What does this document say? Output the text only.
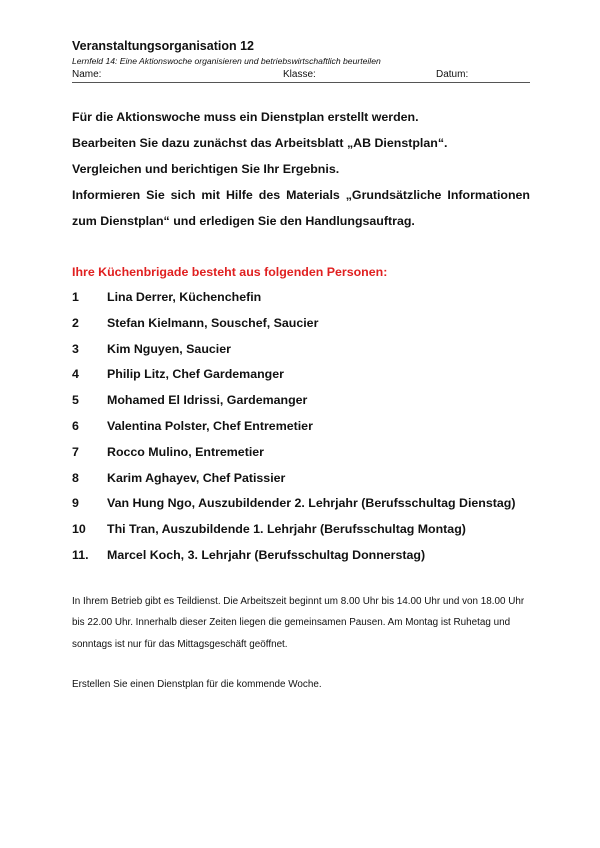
Veranstaltungsorganisation 12
Lernfeld 14: Eine Aktionswoche organisieren und betriebswirtschaftlich beurteilen
Name:	Klasse:	Datum:

Für die Aktionswoche muss ein Dienstplan erstellt werden.

Bearbeiten Sie dazu zunächst das Arbeitsblatt „AB Dienstplan“.

Vergleichen und berichtigen Sie Ihr Ergebnis.

Informieren Sie sich mit Hilfe des Materials „Grundsätzliche Informationen zum Dienstplan“ und erledigen Sie den Handlungsauftrag.

Ihre Küchenbrigade besteht aus folgenden Personen:
1	Lina Derrer, Küchenchefin
2	Stefan Kielmann, Souschef, Saucier
3	Kim Nguyen, Saucier
4	Philip Litz, Chef Gardemanger
5	Mohamed El Idrissi, Gardemanger
6	Valentina Polster, Chef Entremetier
7	Rocco Mulino, Entremetier
8	Karim Aghayev, Chef Patissier
9	Van Hung Ngo, Auszubildender 2. Lehrjahr (Berufsschultag Dienstag)
10	Thi Tran, Auszubildende 1. Lehrjahr (Berufsschultag Montag)
11.	Marcel Koch, 3. Lehrjahr (Berufsschultag Donnerstag)

In Ihrem Betrieb gibt es Teildienst. Die Arbeitszeit beginnt um 8.00 Uhr bis 14.00 Uhr und von 18.00 Uhr bis 22.00 Uhr. Innerhalb dieser Zeiten liegen die gemeinsamen Pausen. Am Montag ist Ruhetag und sonntags ist nur für das Mittagsgeschäft geöffnet.

Erstellen Sie einen Dienstplan für die kommende Woche.
